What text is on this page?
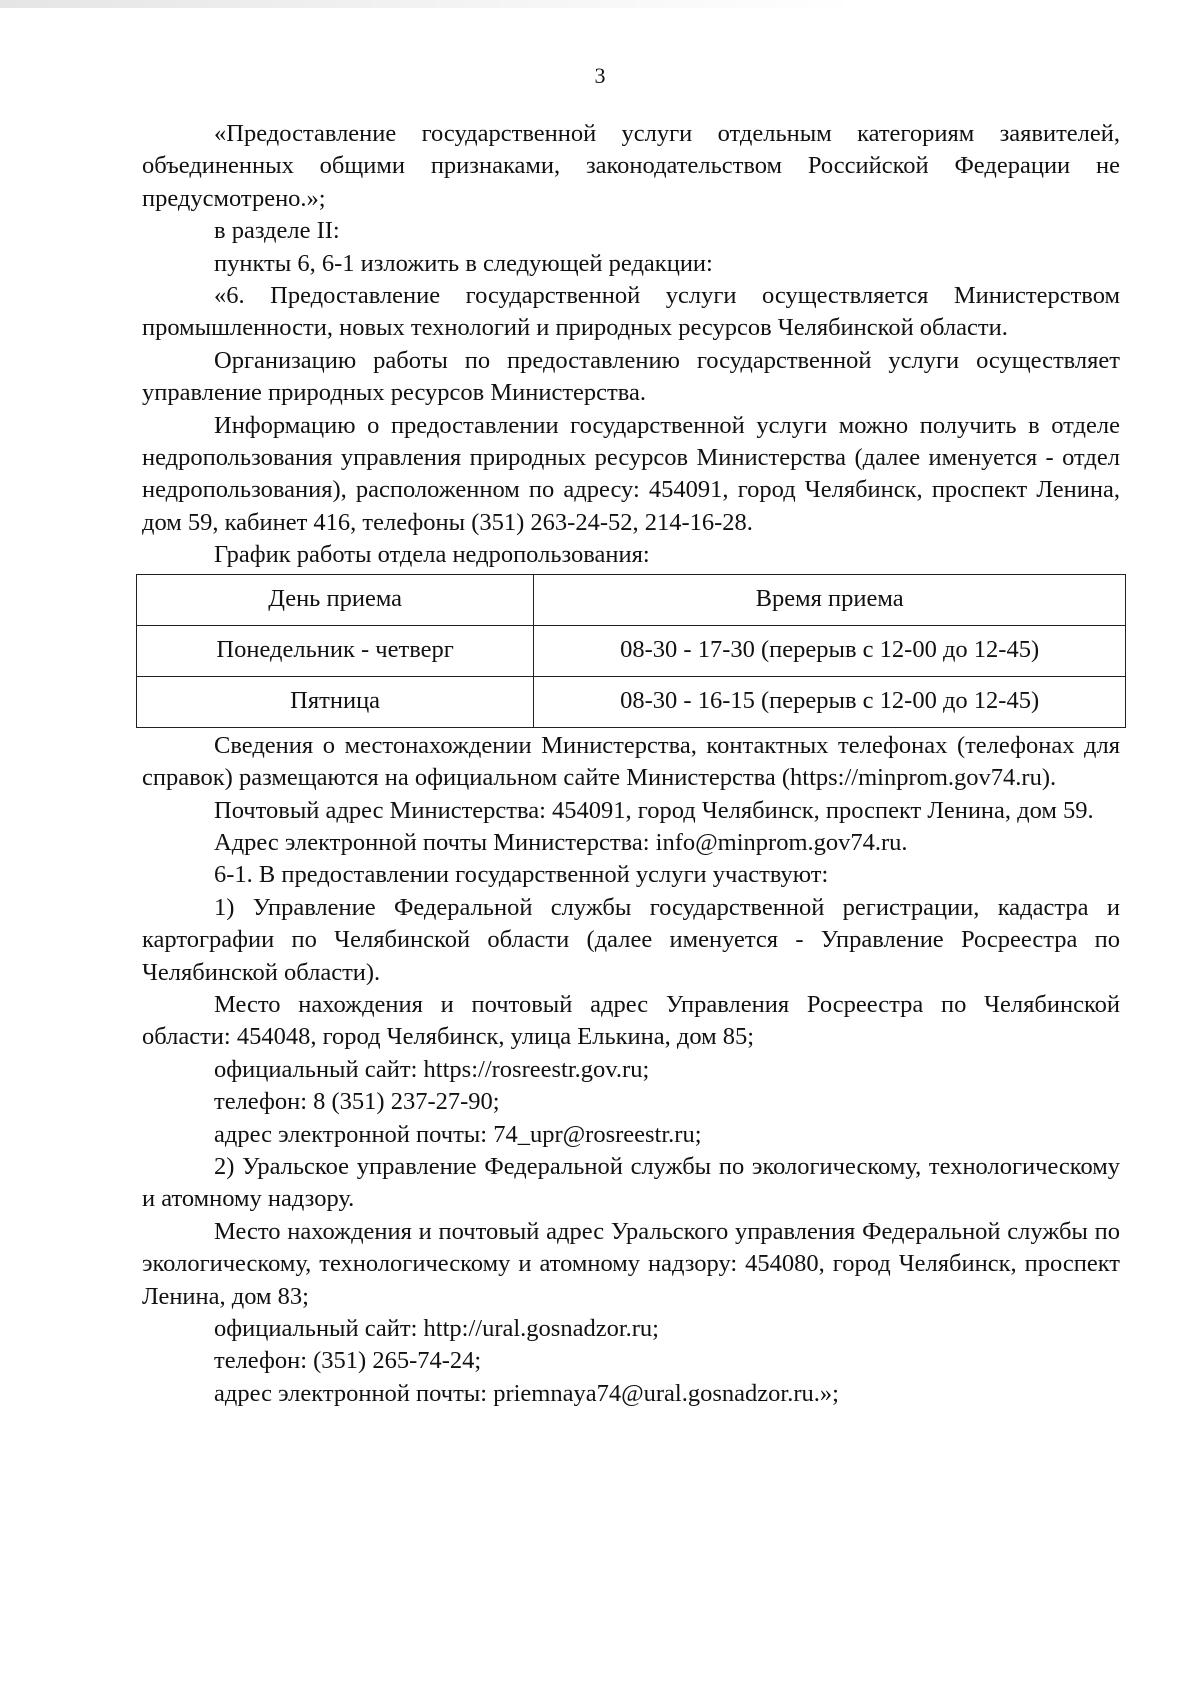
3

«Предоставление государственной услуги отдельным категориям заявителей, объединенных общими признаками, законодательством Российской Федерации не предусмотрено.»;

в разделе II:

пункты 6, 6-1 изложить в следующей редакции:

«6. Предоставление государственной услуги осуществляется Министерством промышленности, новых технологий и природных ресурсов Челябинской области.

Организацию работы по предоставлению государственной услуги осуществляет управление природных ресурсов Министерства.

Информацию о предоставлении государственной услуги можно получить в отделе недропользования управления природных ресурсов Министерства (далее именуется - отдел недропользования), расположенном по адресу: 454091, город Челябинск, проспект Ленина, дом 59, кабинет 416, телефоны (351) 263-24-52, 214-16-28.

График работы отдела недропользования:

День приема	Время приема
Понедельник - четверг	08-30 - 17-30 (перерыв с 12-00 до 12-45)
Пятница	08-30 - 16-15 (перерыв с 12-00 до 12-45)

Сведения о местонахождении Министерства, контактных телефонах (телефонах для справок) размещаются на официальном сайте Министерства (https://minprom.gov74.ru).

Почтовый адрес Министерства: 454091, город Челябинск, проспект Ленина, дом 59.

Адрес электронной почты Министерства: info@minprom.gov74.ru.

6-1. В предоставлении государственной услуги участвуют:

1) Управление Федеральной службы государственной регистрации, кадастра и картографии по Челябинской области (далее именуется - Управление Росреестра по Челябинской области).

Место нахождения и почтовый адрес Управления Росреестра по Челябинской области: 454048, город Челябинск, улица Елькина, дом 85;

официальный сайт: https://rosreestr.gov.ru;

телефон: 8 (351) 237-27-90;

адрес электронной почты: 74_upr@rosreestr.ru;

2) Уральское управление Федеральной службы по экологическому, технологическому и атомному надзору.

Место нахождения и почтовый адрес Уральского управления Федеральной службы по экологическому, технологическому и атомному надзору: 454080, город Челябинск, проспект Ленина, дом 83;

официальный сайт: http://ural.gosnadzor.ru;

телефон: (351) 265-74-24;

адрес электронной почты: priemnaya74@ural.gosnadzor.ru.»;
